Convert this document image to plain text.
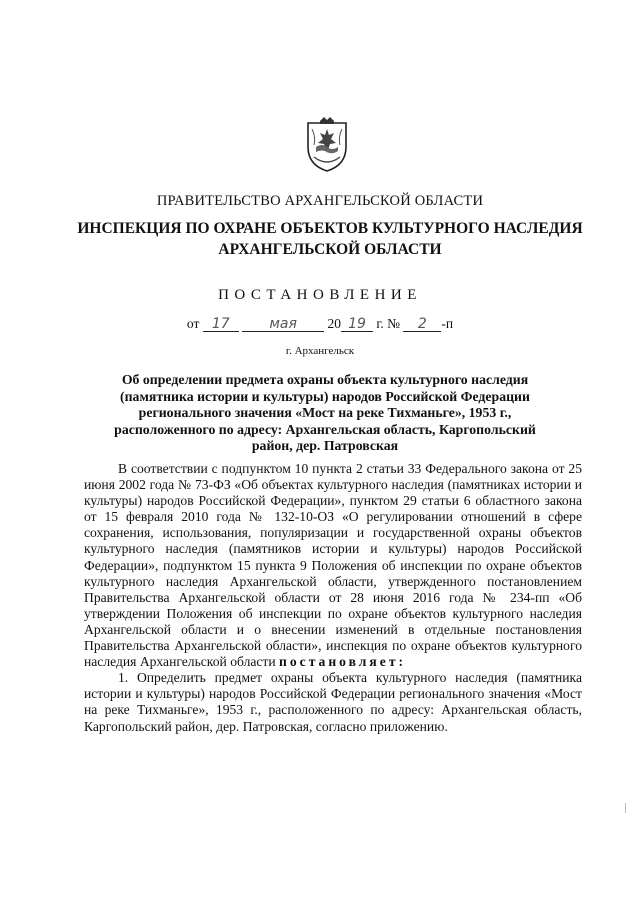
ПРАВИТЕЛЬСТВО АРХАНГЕЛЬСКОЙ ОБЛАСТИ
ИНСПЕКЦИЯ ПО ОХРАНЕ ОБЪЕКТОВ КУЛЬТУРНОГО НАСЛЕДИЯ
АРХАНГЕЛЬСКОЙ ОБЛАСТИ
ПОСТАНОВЛЕНИЕ
от 17	мая 20 19 г. № 2 -п
г. Архангельск
Об определении предмета охраны объекта культурного наследия (памятника истории и культуры) народов Российской Федерации регионального значения «Мост на реке Тихманьге», 1953 г., расположенного по адресу: Архангельская область, Каргопольский район, дер. Патровская

В соответствии с подпунктом 10 пункта 2 статьи 33 Федерального закона от 25 июня 2002 года № 73-ФЗ «Об объектах культурного наследия (памятниках истории и культуры) народов Российской Федерации», пунктом 29 статьи 6 областного закона от 15 февраля 2010 года № 132-10-ОЗ «О регулировании отношений в сфере сохранения, использования, популяризации и государственной охраны объектов культурного наследия (памятников истории и культуры) народов Российской Федерации», подпунктом 15 пункта 9 Положения об инспекции по охране объектов культурного наследия Архангельской области, утвержденного постановлением Правительства Архангельской области от 28 июня 2016 года № 234-пп «Об утверждении Положения об инспекции по охране объектов культурного наследия Архангельской области и о внесении изменений в отдельные постановления Правительства Архангельской области», инспекция по охране объектов культурного наследия Архангельской области постановляет:

1. Определить предмет охраны объекта культурного наследия (памятника истории и культуры) народов Российской Федерации регионального значения «Мост на реке Тихманьге», 1953 г., расположенного по адресу: Архангельская область, Каргопольский район, дер. Патровская, согласно приложению.
